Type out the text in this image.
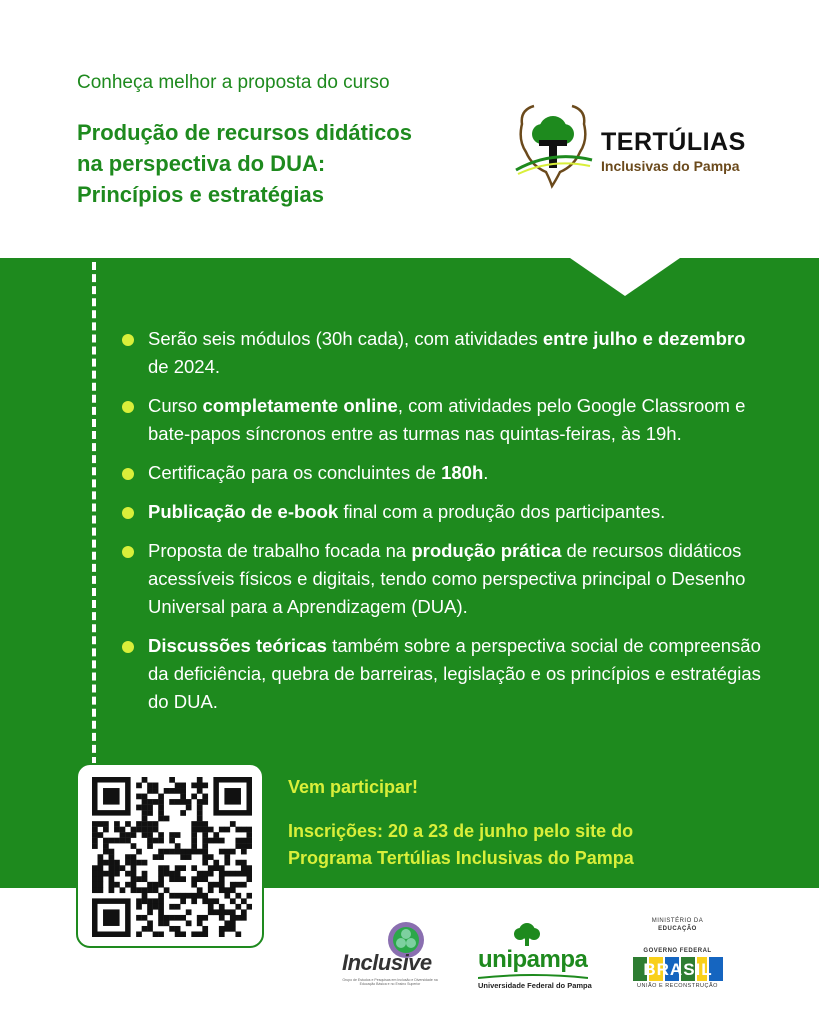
Conheça melhor a proposta do curso
Produção de recursos didáticos
na perspectiva do DUA:
Princípios e estratégias
TERTÚLIAS
Inclusivas do Pampa
Serão seis módulos (30h cada), com atividades entre julho e dezembro de 2024.
Curso completamente online, com atividades pelo Google Classroom e bate-papos síncronos entre as turmas nas quintas-feiras, às 19h.
Certificação para os concluintes de 180h.
Publicação de e-book final com a produção dos participantes.
Proposta de trabalho focada na produção prática de recursos didáticos acessíveis físicos e digitais, tendo como perspectiva principal o Desenho Universal para a Aprendizagem (DUA).
Discussões teóricas também sobre a perspectiva social de compreensão da deficiência, quebra de barreiras, legislação e os princípios e estratégias do DUA.
Vem participar!
Inscrições: 20 a 23 de junho pelo site do
Programa Tertúlias Inclusivas do Pampa
Inclusive
Grupo de Estudos e Pesquisas em Inclusão e Diversidade na Educação Básica e no Ensino Superior
unipampa
Universidade Federal do Pampa
MINISTÉRIO DA
EDUCAÇÃO
GOVERNO FEDERAL
BRASIL
UNIÃO E RECONSTRUÇÃO
